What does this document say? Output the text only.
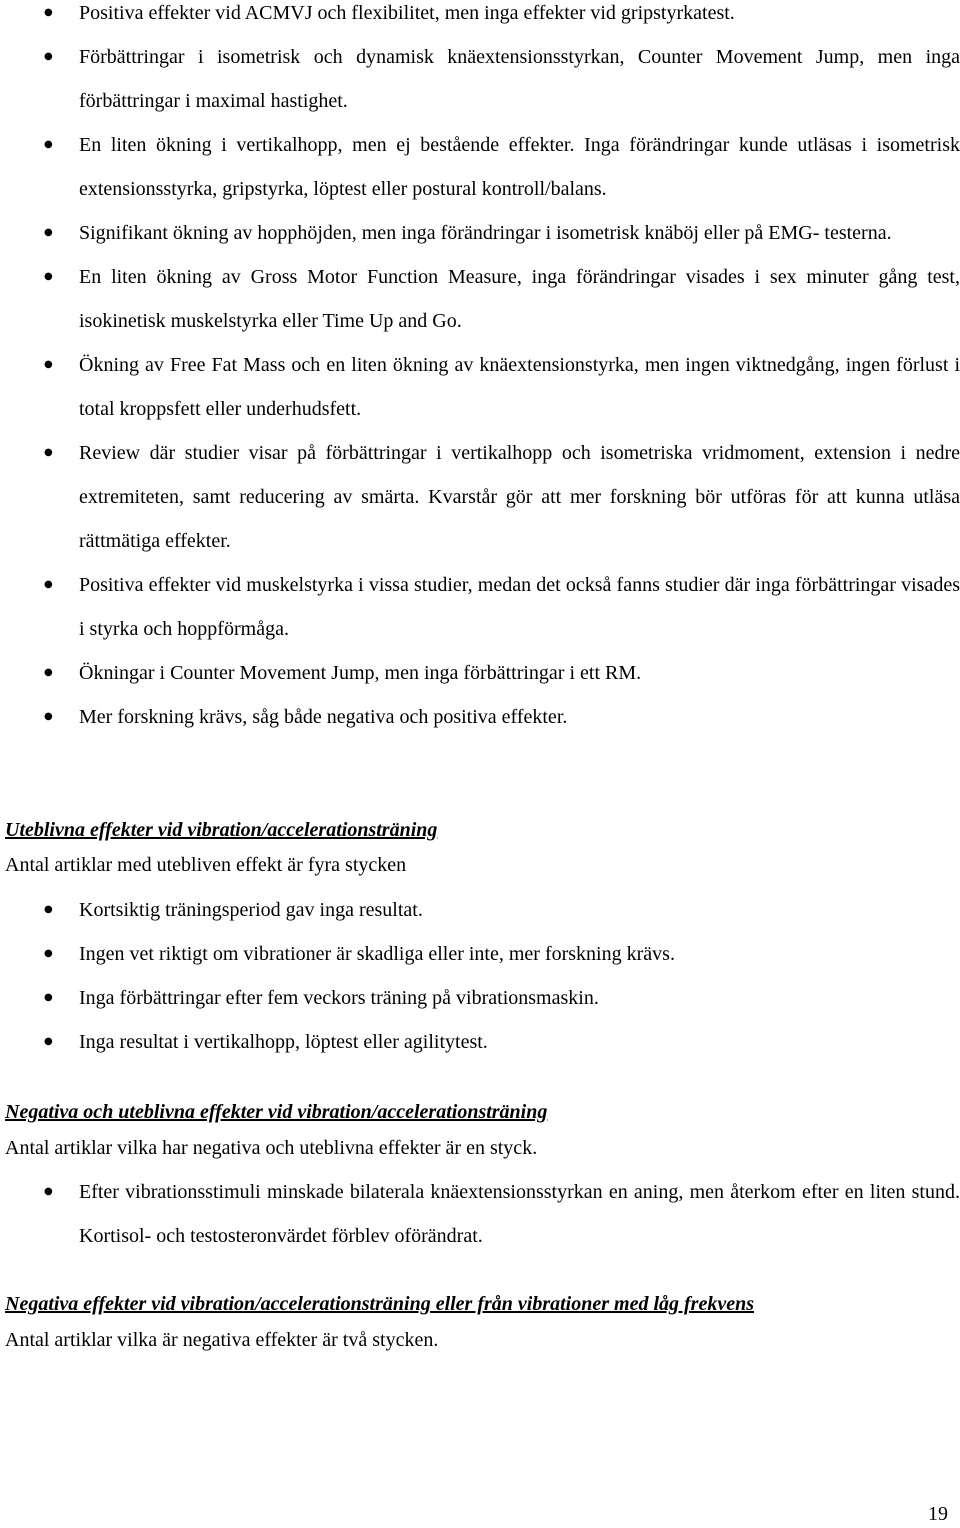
● Positiva effekter vid ACMVJ och flexibilitet, men inga effekter vid gripstyrkatest.
● Förbättringar i isometrisk och dynamisk knäextensionsstyrkan, Counter Movement Jump, men inga förbättringar i maximal hastighet.
● En liten ökning i vertikalhopp, men ej bestående effekter. Inga förändringar kunde utläsas i isometrisk extensionsstyrka, gripstyrka, löptest eller postural kontroll/balans.
● Signifikant ökning av hopphöjden, men inga förändringar i isometrisk knäböj eller på EMG- testerna.
● En liten ökning av Gross Motor Function Measure, inga förändringar visades i sex minuter gång test, isokinetisk muskelstyrka eller Time Up and Go.
● Ökning av Free Fat Mass och en liten ökning av knäextensionstyrka, men ingen viktnedgång, ingen förlust i total kroppsfett eller underhudsfett.
● Review där studier visar på förbättringar i vertikalhopp och isometriska vridmoment, extension i nedre extremiteten, samt reducering av smärta. Kvarstår gör att mer forskning bör utföras för att kunna utläsa rättmätiga effekter.
● Positiva effekter vid muskelstyrka i vissa studier, medan det också fanns studier där inga förbättringar visades i styrka och hoppförmåga.
● Ökningar i Counter Movement Jump, men inga förbättringar i ett RM.
● Mer forskning krävs, såg både negativa och positiva effekter.
Uteblivna effekter vid vibration/accelerationsträning
Antal artiklar med utebliven effekt är fyra stycken
● Kortsiktig träningsperiod gav inga resultat.
● Ingen vet riktigt om vibrationer är skadliga eller inte, mer forskning krävs.
● Inga förbättringar efter fem veckors träning på vibrationsmaskin.
● Inga resultat i vertikalhopp, löptest eller agilitytest.
Negativa och uteblivna effekter vid vibration/accelerationsträning
Antal artiklar vilka har negativa och uteblivna effekter är en styck.
● Efter vibrationsstimuli minskade bilaterala knäextensionsstyrkan en aning, men återkom efter en liten stund. Kortisol- och testosteronvärdet förblev oförändrat.
Negativa effekter vid vibration/accelerationsträning eller från vibrationer med låg frekvens
Antal artiklar vilka är negativa effekter är två stycken.
19
